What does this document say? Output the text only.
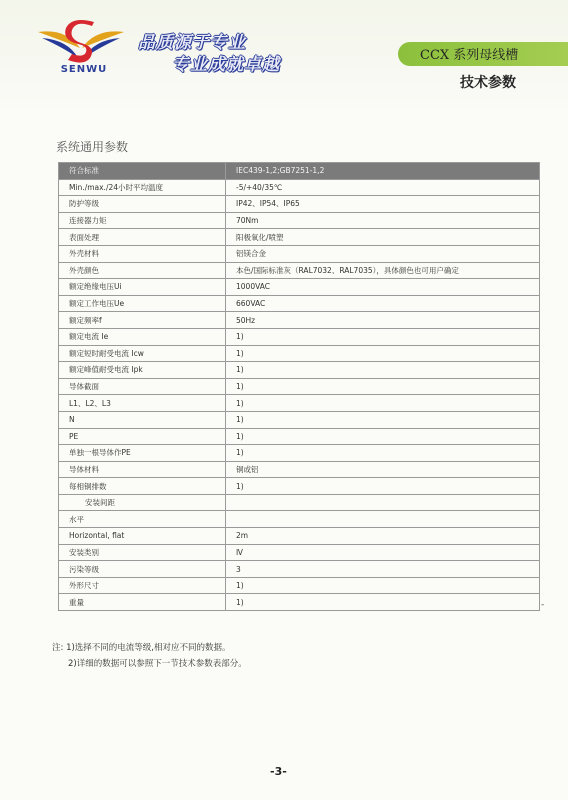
SENWU
品质源于专业
专业成就卓越	CCX 系列母线槽
技术参数
系统通用参数
符合标准	IEC439-1,2;GB7251-1,2
Min./max./24小时平均温度	-5/+40/35℃
防护等级	IP42、IP54、IP65
连接器力矩	70Nm
表面处理	阳极氧化/喷塑
外壳材料	铝镁合金
外壳颜色	本色/国际标准灰（RAL7032、RAL7035），具体颜色也可用户确定
额定绝缘电压Ui	1000VAC
额定工作电压Ue	660VAC
额定频率f	50Hz
额定电流 Ie	1)
额定短时耐受电流 Icw	1)
额定峰值耐受电流 Ipk	1)
导体截面	1)
L1、L2、L3	1)
N	1)
PE	1)
单独一根导体作PE	1)
导体材料	铜或铝
每相铜排数	1)
安装间距	
水平	
Horizontal, flat	2m
安装类别	Ⅳ
污染等级	3
外形尺寸	1)
重量	1)	-
注: 1)选择不同的电流等级,相对应不同的数据。
2)详细的数据可以参照下一节技术参数表部分。
-3-
